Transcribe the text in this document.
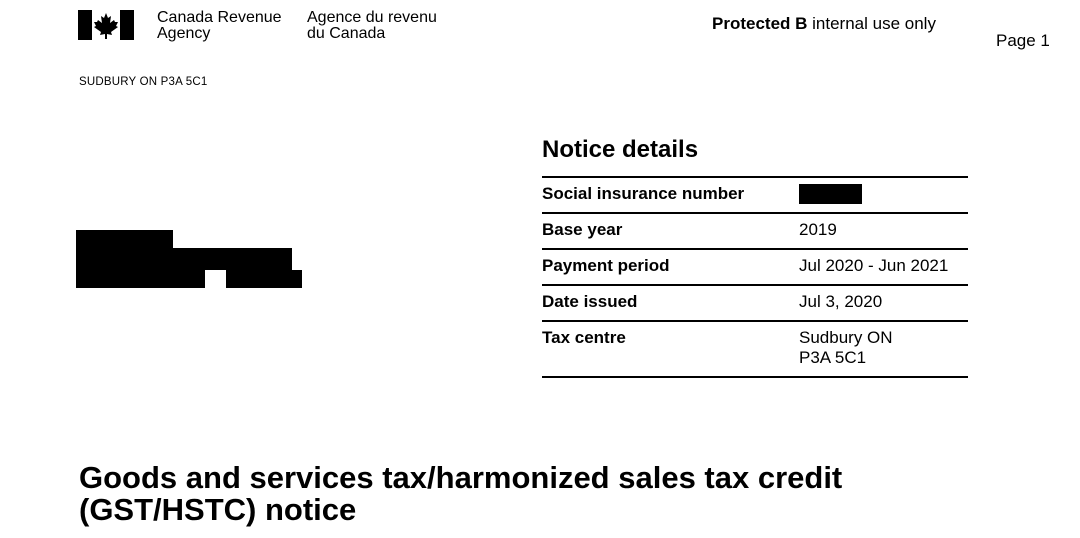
Canada Revenue
Agency
Agence du revenu
du Canada
Protected B internal use only
Page 1
SUDBURY ON P3A 5C1
Notice details
Social insurance number
Base year	2019
Payment period	Jul 2020 - Jun 2021
Date issued	Jul 3, 2020
Tax centre	Sudbury ON
P3A 5C1
Goods and services tax/harmonized sales tax credit
(GST/HSTC) notice
